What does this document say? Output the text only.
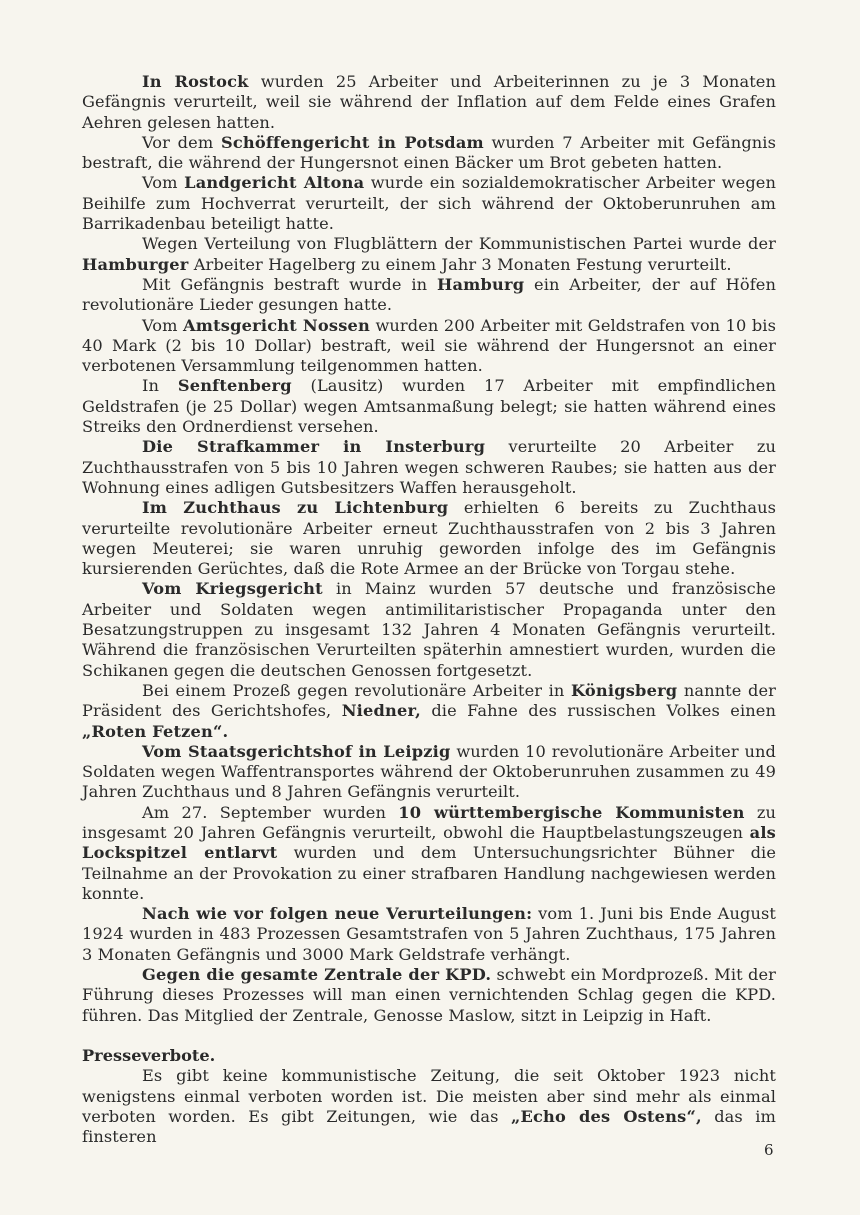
In Rostock wurden 25 Arbeiter und Arbeiterinnen zu je 3 Monaten Gefängnis verurteilt, weil sie während der Inflation auf dem Felde eines Grafen Aehren gelesen hatten.

Vor dem Schöffengericht in Potsdam wurden 7 Arbeiter mit Gefängnis bestraft, die während der Hungersnot einen Bäcker um Brot gebeten hatten.

Vom Landgericht Altona wurde ein sozialdemokratischer Arbeiter wegen Beihilfe zum Hochverrat verurteilt, der sich während der Oktoberunruhen am Barrikadenbau beteiligt hatte.

Wegen Verteilung von Flugblättern der Kommunistischen Partei wurde der Hamburger Arbeiter Hagelberg zu einem Jahr 3 Monaten Festung verurteilt.

Mit Gefängnis bestraft wurde in Hamburg ein Arbeiter, der auf Höfen revolutionäre Lieder gesungen hatte.

Vom Amtsgericht Nossen wurden 200 Arbeiter mit Geldstrafen von 10 bis 40 Mark (2 bis 10 Dollar) bestraft, weil sie während der Hungersnot an einer verbotenen Versammlung teilgenommen hatten.

In Senftenberg (Lausitz) wurden 17 Arbeiter mit empfindlichen Geldstrafen (je 25 Dollar) wegen Amtsanmaßung belegt; sie hatten während eines Streiks den Ordnerdienst versehen.

Die Strafkammer in Insterburg verurteilte 20 Arbeiter zu Zuchthausstrafen von 5 bis 10 Jahren wegen schweren Raubes; sie hatten aus der Wohnung eines adligen Gutsbesitzers Waffen herausgeholt.

Im Zuchthaus zu Lichtenburg erhielten 6 bereits zu Zuchthaus verurteilte revolutionäre Arbeiter erneut Zuchthausstrafen von 2 bis 3 Jahren wegen Meuterei; sie waren unruhig geworden infolge des im Gefängnis kursierenden Gerüchtes, daß die Rote Armee an der Brücke von Torgau stehe.

Vom Kriegsgericht in Mainz wurden 57 deutsche und französische Arbeiter und Soldaten wegen antimilitaristischer Propaganda unter den Besatzungstruppen zu insgesamt 132 Jahren 4 Monaten Gefängnis verurteilt. Während die französischen Verurteilten späterhin amnestiert wurden, wurden die Schikanen gegen die deutschen Genossen fortgesetzt.

Bei einem Prozeß gegen revolutionäre Arbeiter in Königsberg nannte der Präsident des Gerichtshofes, Niedner, die Fahne des russischen Volkes einen „Roten Fetzen“.

Vom Staatsgerichtshof in Leipzig wurden 10 revolutionäre Arbeiter und Soldaten wegen Waffentransportes während der Oktoberunruhen zusammen zu 49 Jahren Zuchthaus und 8 Jahren Gefängnis verurteilt.

Am 27. September wurden 10 württembergische Kommunisten zu insgesamt 20 Jahren Gefängnis verurteilt, obwohl die Hauptbelastungszeugen als Lockspitzel entlarvt wurden und dem Untersuchungsrichter Bühner die Teilnahme an der Provokation zu einer strafbaren Handlung nachgewiesen werden konnte.

Nach wie vor folgen neue Verurteilungen: vom 1. Juni bis Ende August 1924 wurden in 483 Prozessen Gesamtstrafen von 5 Jahren Zuchthaus, 175 Jahren 3 Monaten Gefängnis und 3000 Mark Geldstrafe verhängt.

Gegen die gesamte Zentrale der KPD. schwebt ein Mordprozeß. Mit der Führung dieses Prozesses will man einen vernichtenden Schlag gegen die KPD. führen. Das Mitglied der Zentrale, Genosse Maslow, sitzt in Leipzig in Haft.

Presseverbote.

Es gibt keine kommunistische Zeitung, die seit Oktober 1923 nicht wenigstens einmal verboten worden ist. Die meisten aber sind mehr als einmal verboten worden. Es gibt Zeitungen, wie das „Echo des Ostens“, das im finsteren

6
